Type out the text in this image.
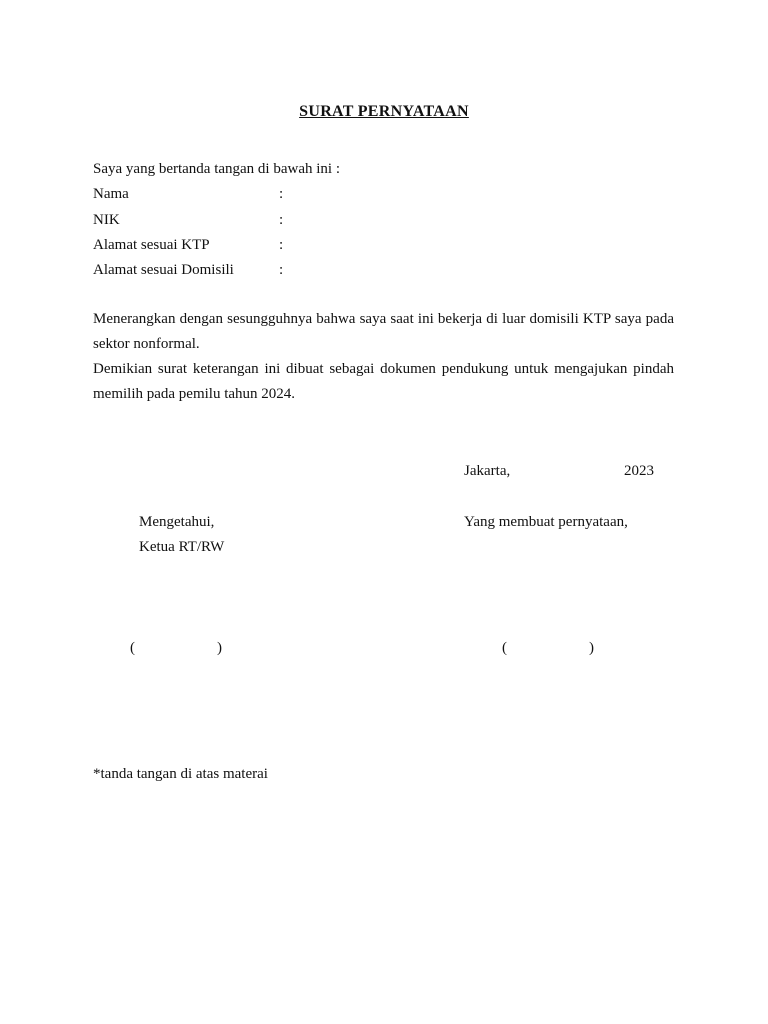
SURAT PERNYATAAN
Saya yang bertanda tangan di bawah ini :
Nama	:
NIK	:
Alamat sesuai KTP	:
Alamat sesuai Domisili	:
Menerangkan dengan sesungguhnya bahwa saya saat ini bekerja di luar domisili KTP saya pada sektor nonformal.
Demikian surat keterangan ini dibuat sebagai dokumen pendukung untuk mengajukan pindah memilih pada pemilu tahun 2024.
Jakarta,	2023
Mengetahui,
Ketua RT/RW
Yang membuat pernyataan,
(	)	(	)
*tanda tangan di atas materai
